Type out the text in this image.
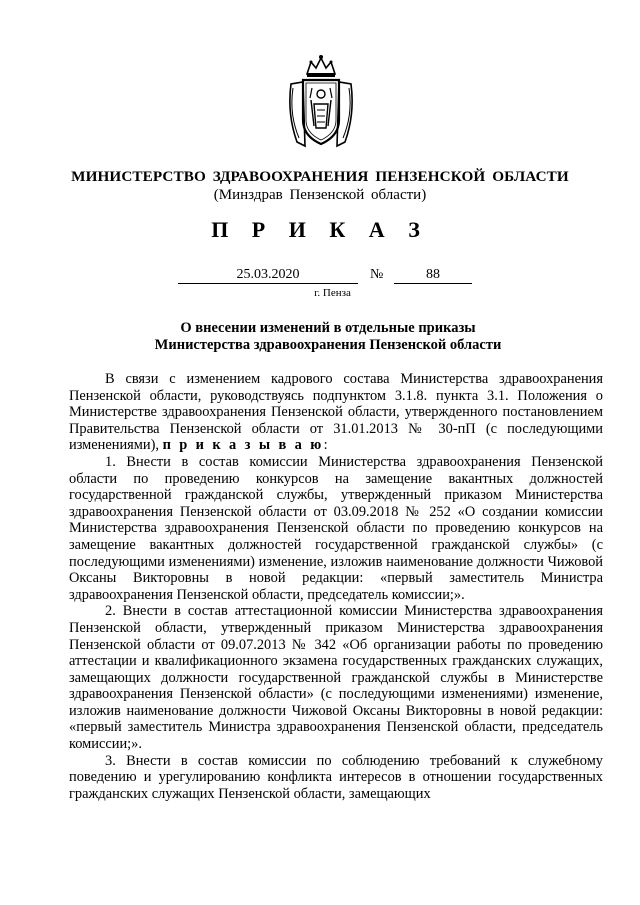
МИНИСТЕРСТВО ЗДРАВООХРАНЕНИЯ ПЕНЗЕНСКОЙ ОБЛАСТИ
(Минздрав Пензенской области)
П Р И К А З
25.03.2020	№	88
г. Пенза
О внесении изменений в отдельные приказы
Министерства здравоохранения Пензенской области

В связи с изменением кадрового состава Министерства здравоохранения Пензенской области, руководствуясь подпунктом 3.1.8. пункта 3.1. Положения о Министерстве здравоохранения Пензенской области, утвержденного постановлением Правительства Пензенской области от 31.01.2013 № 30-пП (с последующими изменениями), п р и к а з ы в а ю:

1. Внести в состав комиссии Министерства здравоохранения Пензенской области по проведению конкурсов на замещение вакантных должностей государственной гражданской службы, утвержденный приказом Министерства здравоохранения Пензенской области от 03.09.2018 № 252 «О создании комиссии Министерства здравоохранения Пензенской области по проведению конкурсов на замещение вакантных должностей государственной гражданской службы» (с последующими изменениями) изменение, изложив наименование должности Чижовой Оксаны Викторовны в новой редакции: «первый заместитель Министра здравоохранения Пензенской области, председатель комиссии;».

2. Внести в состав аттестационной комиссии Министерства здравоохранения Пензенской области, утвержденный приказом Министерства здравоохранения Пензенской области от 09.07.2013 № 342 «Об организации работы по проведению аттестации и квалификационного экзамена государственных гражданских служащих, замещающих должности государственной гражданской службы в Министерстве здравоохранения Пензенской области» (с последующими изменениями) изменение, изложив наименование должности Чижовой Оксаны Викторовны в новой редакции: «первый заместитель Министра здравоохранения Пензенской области, председатель комиссии;».

3. Внести в состав комиссии по соблюдению требований к служебному поведению и урегулированию конфликта интересов в отношении государственных гражданских служащих Пензенской области, замещающих
